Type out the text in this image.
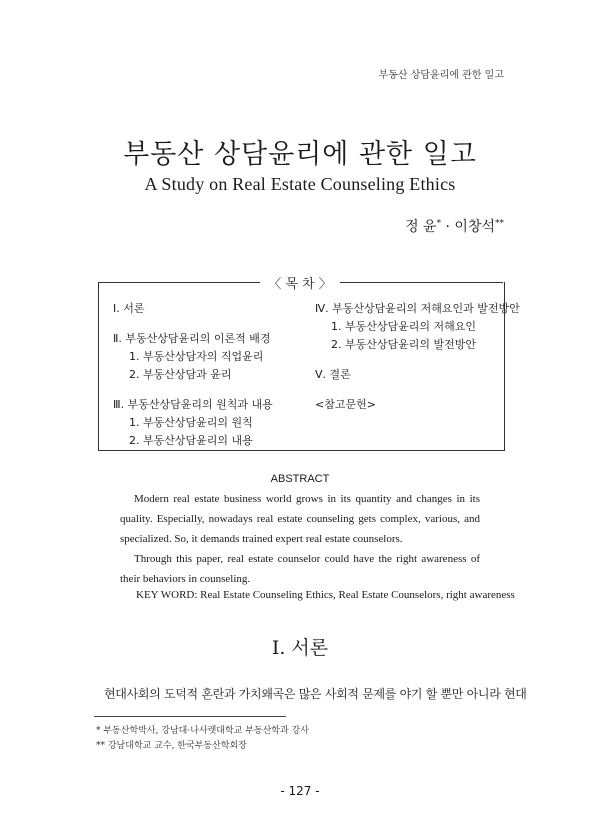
부동산 상담윤리에 관한 일고
부동산 상담윤리에 관한 일고
A Study on Real Estate Counseling Ethics
정 윤* · 이창석**
〈 목 차 〉
Ⅰ. 서론
Ⅱ. 부동산상담윤리의 이론적 배경
1. 부동산상담자의 직업윤리
2. 부동산상담과 윤리
Ⅲ. 부동산상담윤리의 원칙과 내용
1. 부동산상담윤리의 원칙
2. 부동산상담윤리의 내용
Ⅳ. 부동산상담윤리의 저해요인과 발전방안
1. 부동산상담윤리의 저해요인
2. 부동산상담윤리의 발전방안
Ⅴ. 결론
<참고문헌>
ABSTRACT

Modern real estate business world grows in its quantity and changes in its quality. Especially, nowadays real estate counseling gets complex, various, and specialized. So, it demands trained expert real estate counselors.

Through this paper, real estate counselor could have the right awareness of their behaviors in counseling.

KEY WORD: Real Estate Counseling Ethics, Real Estate Counselors, right awareness
Ⅰ. 서론
현대사회의 도덕적 혼란과 가치왜곡은 많은 사회적 문제를 야기 할 뿐만 아니라 현대
* 부동산학박사, 강남대·나사렛대학교 부동산학과 강사
** 강남대학교 교수, 한국부동산학회장
- 127 -
